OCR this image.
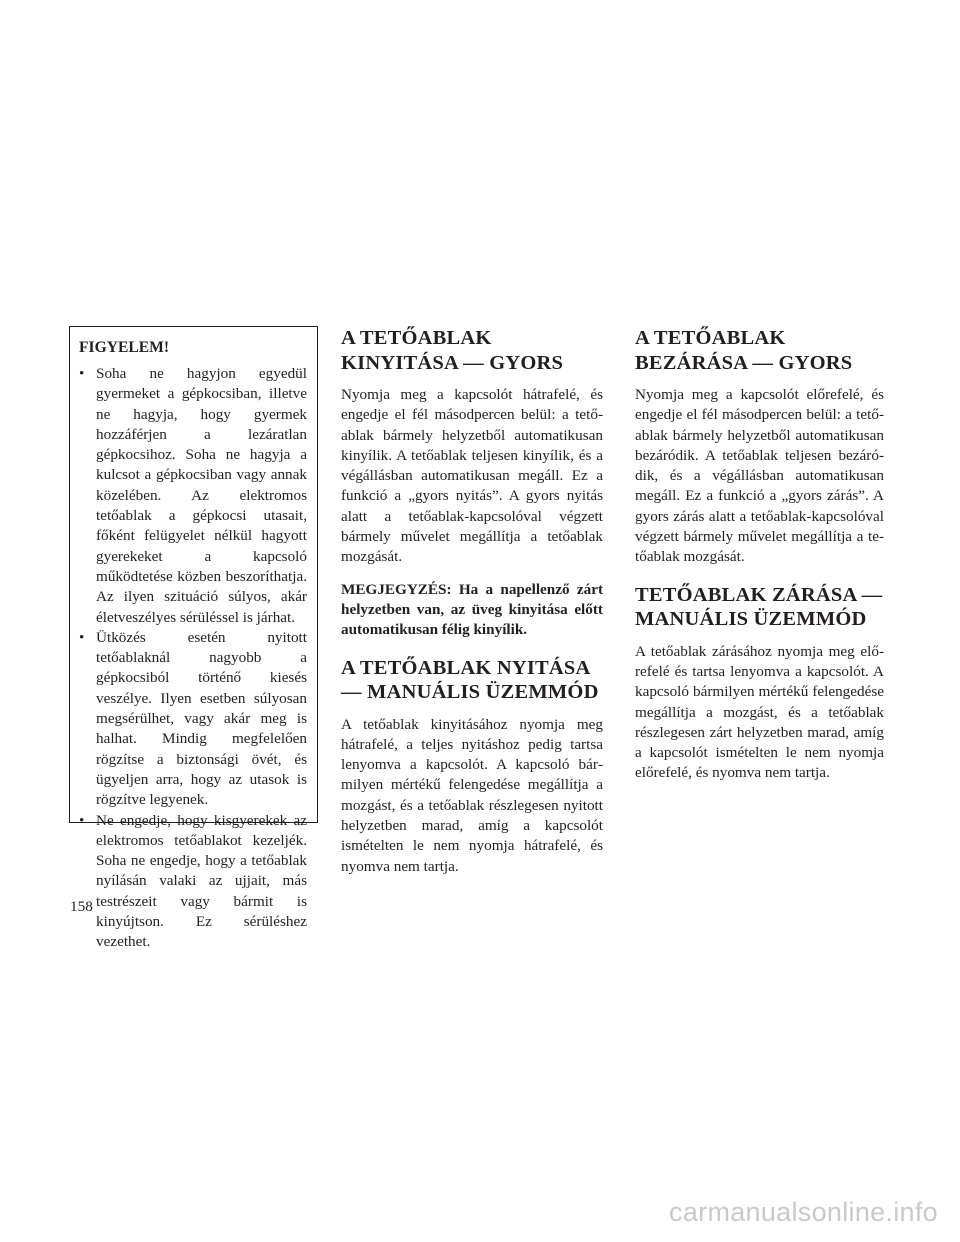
FIGYELEM!

• Soha ne hagyjon egyedül gyermeket a gépkocsiban, illetve ne hagyja, hogy gyermek hozzáférjen a lezáratlan gépkocsihoz. Soha ne hagyja a kulcsot a gépkocsiban vagy annak közelében. Az elektromos tetőablak a gépkocsi utasait, főként felügyelet nélkül hagyott gyerekeket a kapcsoló működtetése közben beszoríthatja. Az ilyen szituáció súlyos, akár életveszélyes sérüléssel is járhat.

• Ütközés esetén nyitott tetőablaknál nagyobb a gépkocsiból történő kiesés veszélye. Ilyen esetben súlyosan megsérülhet, vagy akár meg is halhat. Mindig megfelelően rögzítse a biztonsági övét, és ügyeljen arra, hogy az utasok is rögzítve legyenek.

• Ne engedje, hogy kisgyerekek az elektromos tetőablakot kezeljék. Soha ne engedje, hogy a tetőablak nyílásán valaki az ujjait, más testrészeit vagy bármit is kinyújtson. Ez sérüléshez vezethet.

A TETŐABLAK KINYITÁSA — GYORS

Nyomja meg a kapcsolót hátrafelé, és engedje el fél másodpercen belül: a tetőablak bármely helyzetből automatikusan kinyílik. A tetőablak teljesen kinyílik, és a végállásban automatikusan megáll. Ez a funkció a „gyors nyitás”. A gyors nyitás alatt a tetőablak-kapcsolóval végzett bármely művelet megállítja a tetőablak mozgását.

MEGJEGYZÉS: Ha a napellenző zárt helyzetben van, az üveg kinyitása előtt automatikusan félig kinyílik.

A TETŐABLAK NYITÁSA — MANUÁLIS ÜZEMMÓD

A tetőablak kinyitásához nyomja meg hátrafelé, a teljes nyitáshoz pedig tartsa lenyomva a kapcsolót. A kapcsoló bármilyen mértékű felengedése megállítja a mozgást, és a tetőablak részlegesen nyitott helyzetben marad, amíg a kapcsolót ismételten le nem nyomja hátrafelé, és nyomva nem tartja.

A TETŐABLAK BEZÁRÁSA — GYORS

Nyomja meg a kapcsolót előrefelé, és engedje el fél másodpercen belül: a tetőablak bármely helyzetből automatikusan bezáródik. A tetőablak teljesen bezáródik, és a végállásban automatikusan megáll. Ez a funkció a „gyors zárás”. A gyors zárás alatt a tetőablak-kapcsolóval végzett bármely művelet megállítja a tetőablak mozgását.

TETŐABLAK ZÁRÁSA — MANUÁLIS ÜZEMMÓD

A tetőablak zárásához nyomja meg előrefelé és tartsa lenyomva a kapcsolót. A kapcsoló bármilyen mértékű felengedése megállítja a mozgást, és a tetőablak részlegesen zárt helyzetben marad, amíg a kapcsolót ismételten le nem nyomja előrefelé, és nyomva nem tartja.

158

carmanualsonline.info
